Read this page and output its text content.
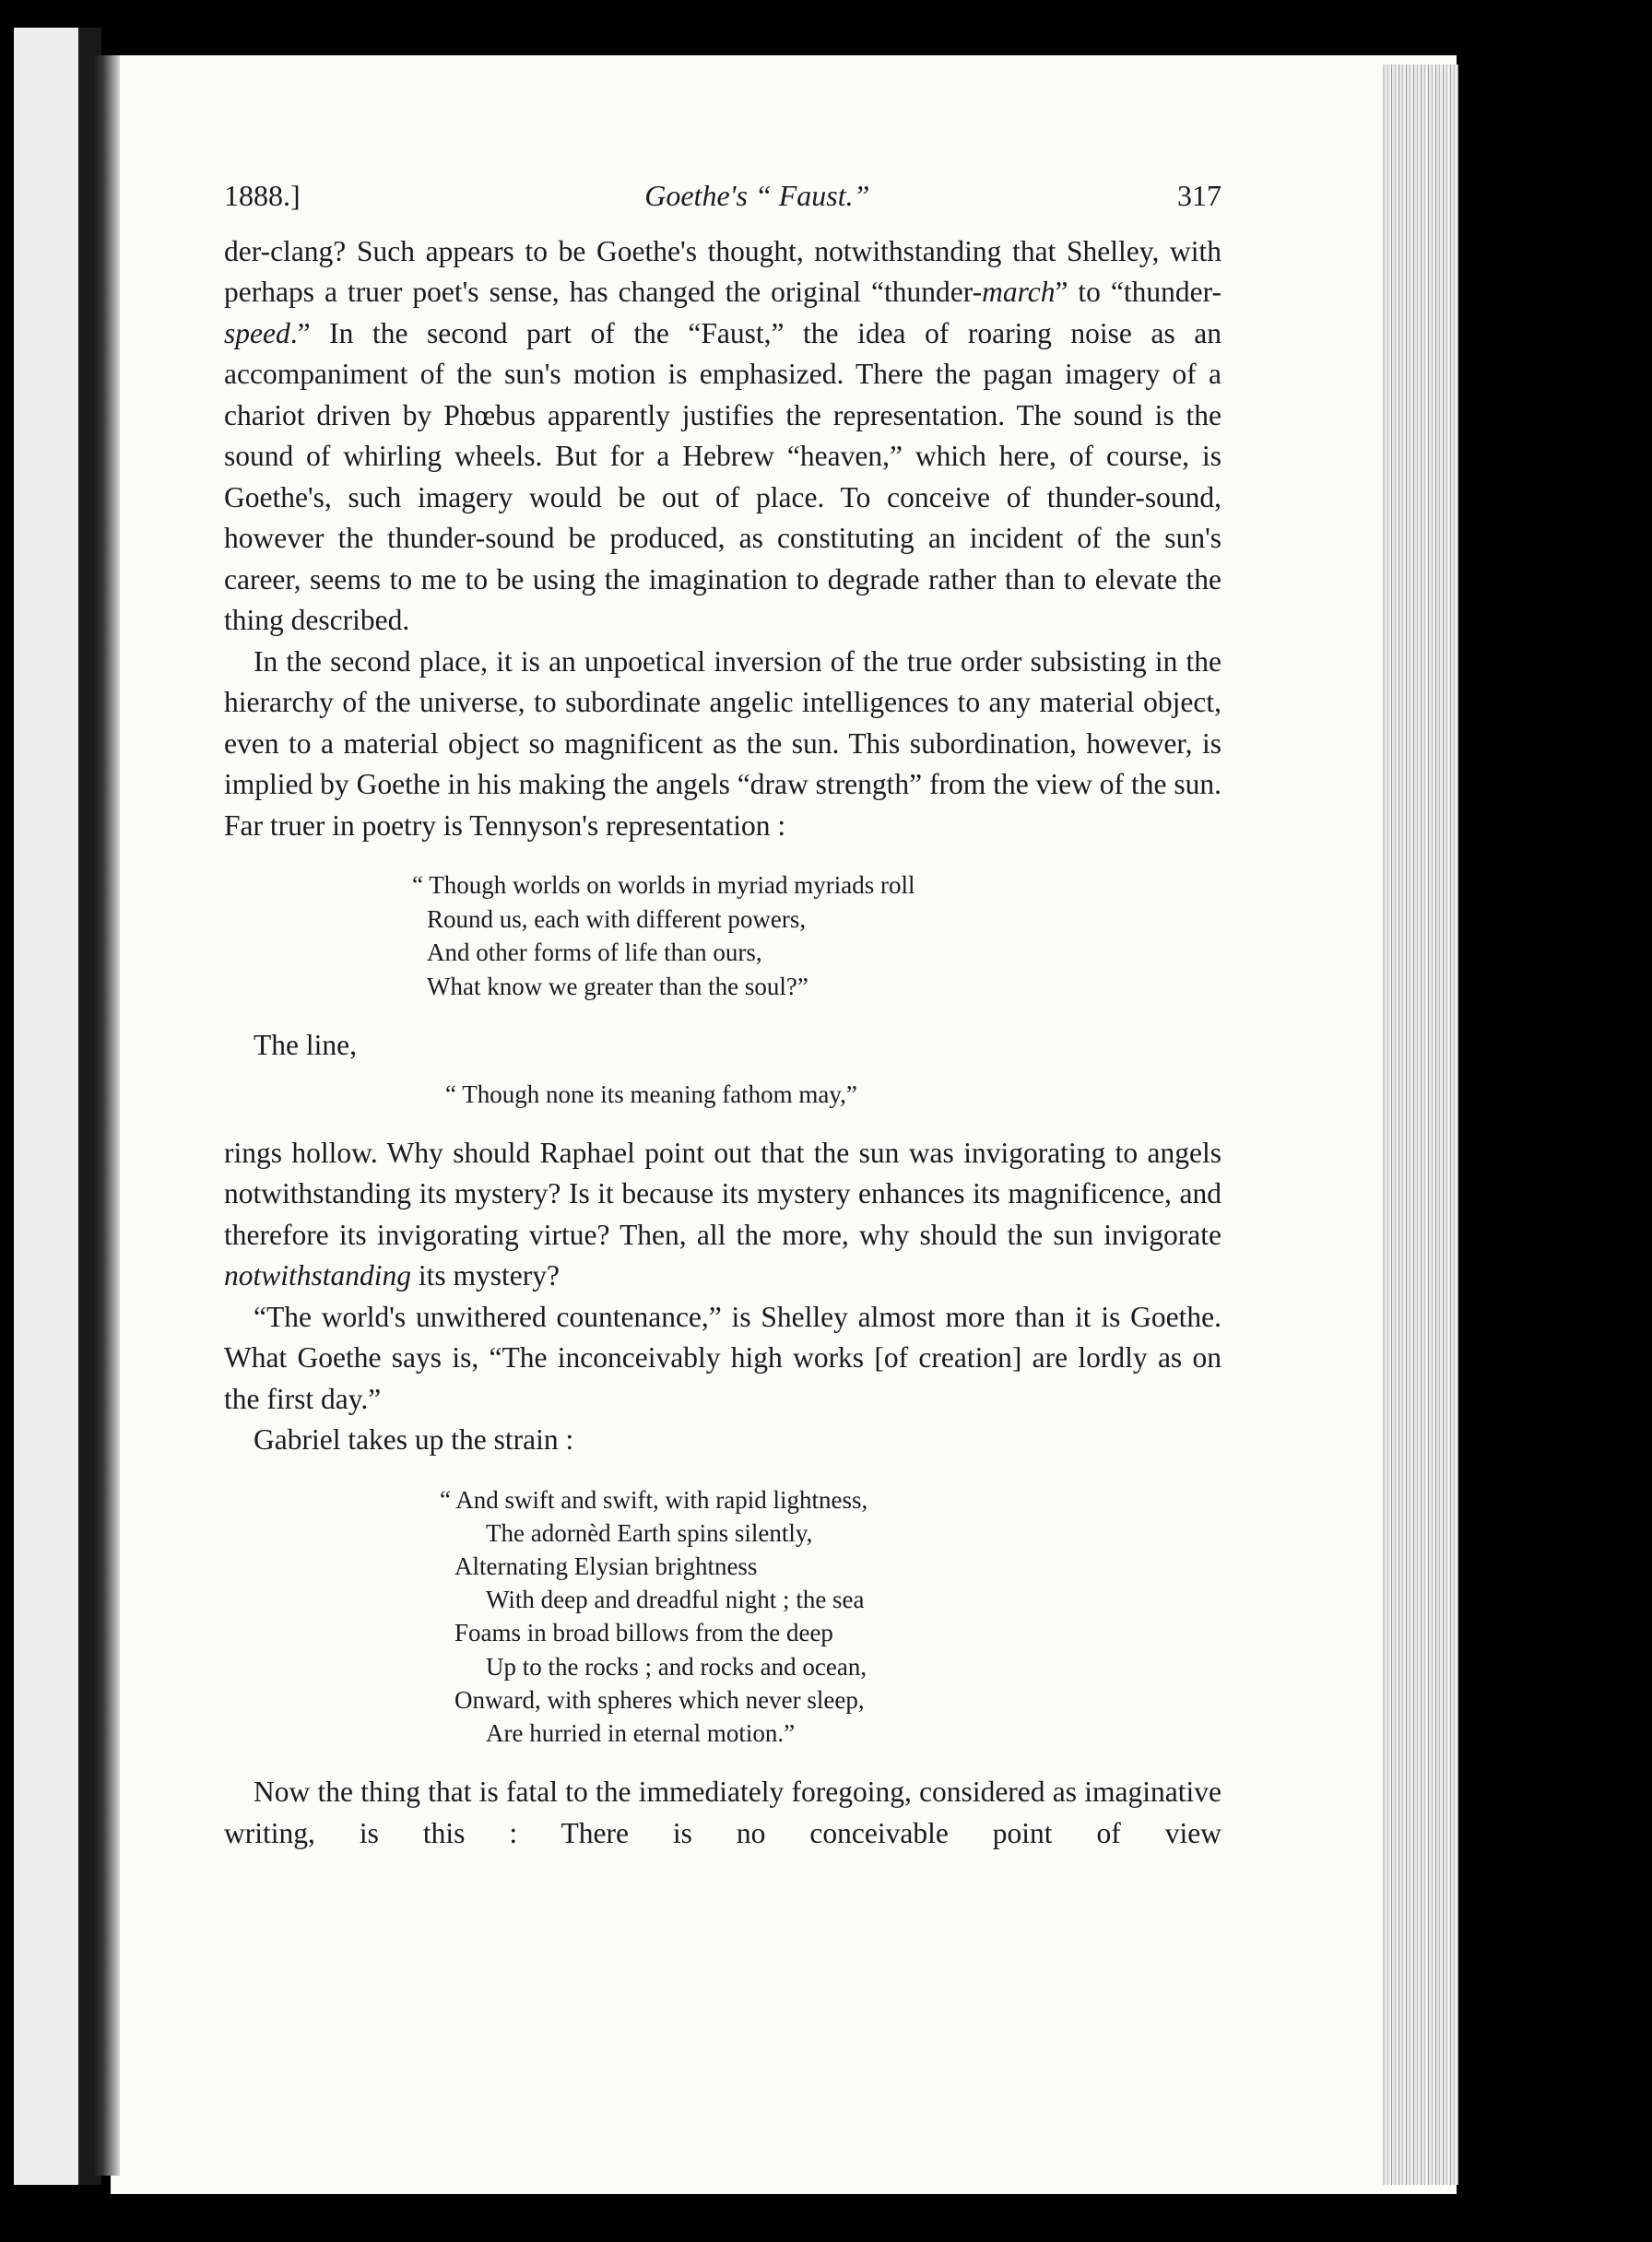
1888.]	Goethe's “ Faust.”	317

der-clang? Such appears to be Goethe's thought, notwithstanding that Shelley, with perhaps a truer poet's sense, has changed the original “thunder-march” to “thunder-speed.” In the second part of the “Faust,” the idea of roaring noise as an accompaniment of the sun's motion is emphasized. There the pagan imagery of a chariot driven by Phœbus apparently justifies the representation. The sound is the sound of whirling wheels. But for a Hebrew “heaven,” which here, of course, is Goethe's, such imagery would be out of place. To conceive of thunder-sound, however the thunder-sound be produced, as constituting an incident of the sun's career, seems to me to be using the imagination to degrade rather than to elevate the thing described.

In the second place, it is an unpoetical inversion of the true order subsisting in the hierarchy of the universe, to subordinate angelic intelligences to any material object, even to a material object so magnificent as the sun. This subordination, however, is implied by Goethe in his making the angels “draw strength” from the view of the sun. Far truer in poetry is Tennyson's representation :

“ Though worlds on worlds in myriad myriads roll
Round us, each with different powers,
And other forms of life than ours,
What know we greater than the soul?”
The line,
“ Though none its meaning fathom may,”

rings hollow. Why should Raphael point out that the sun was invigorating to angels notwithstanding its mystery? Is it because its mystery enhances its magnificence, and therefore its invigorating virtue? Then, all the more, why should the sun invigorate notwithstanding its mystery?

“The world's unwithered countenance,” is Shelley almost more than it is Goethe. What Goethe says is, “The inconceivably high works [of creation] are lordly as on the first day.”

Gabriel takes up the strain :

“ And swift and swift, with rapid lightness,
The adornèd Earth spins silently,
Alternating Elysian brightness
With deep and dreadful night ; the sea
Foams in broad billows from the deep
Up to the rocks ; and rocks and ocean,
Onward, with spheres which never sleep,
Are hurried in eternal motion.”

Now the thing that is fatal to the immediately foregoing, considered as imaginative writing, is this : There is no conceivable point of view
